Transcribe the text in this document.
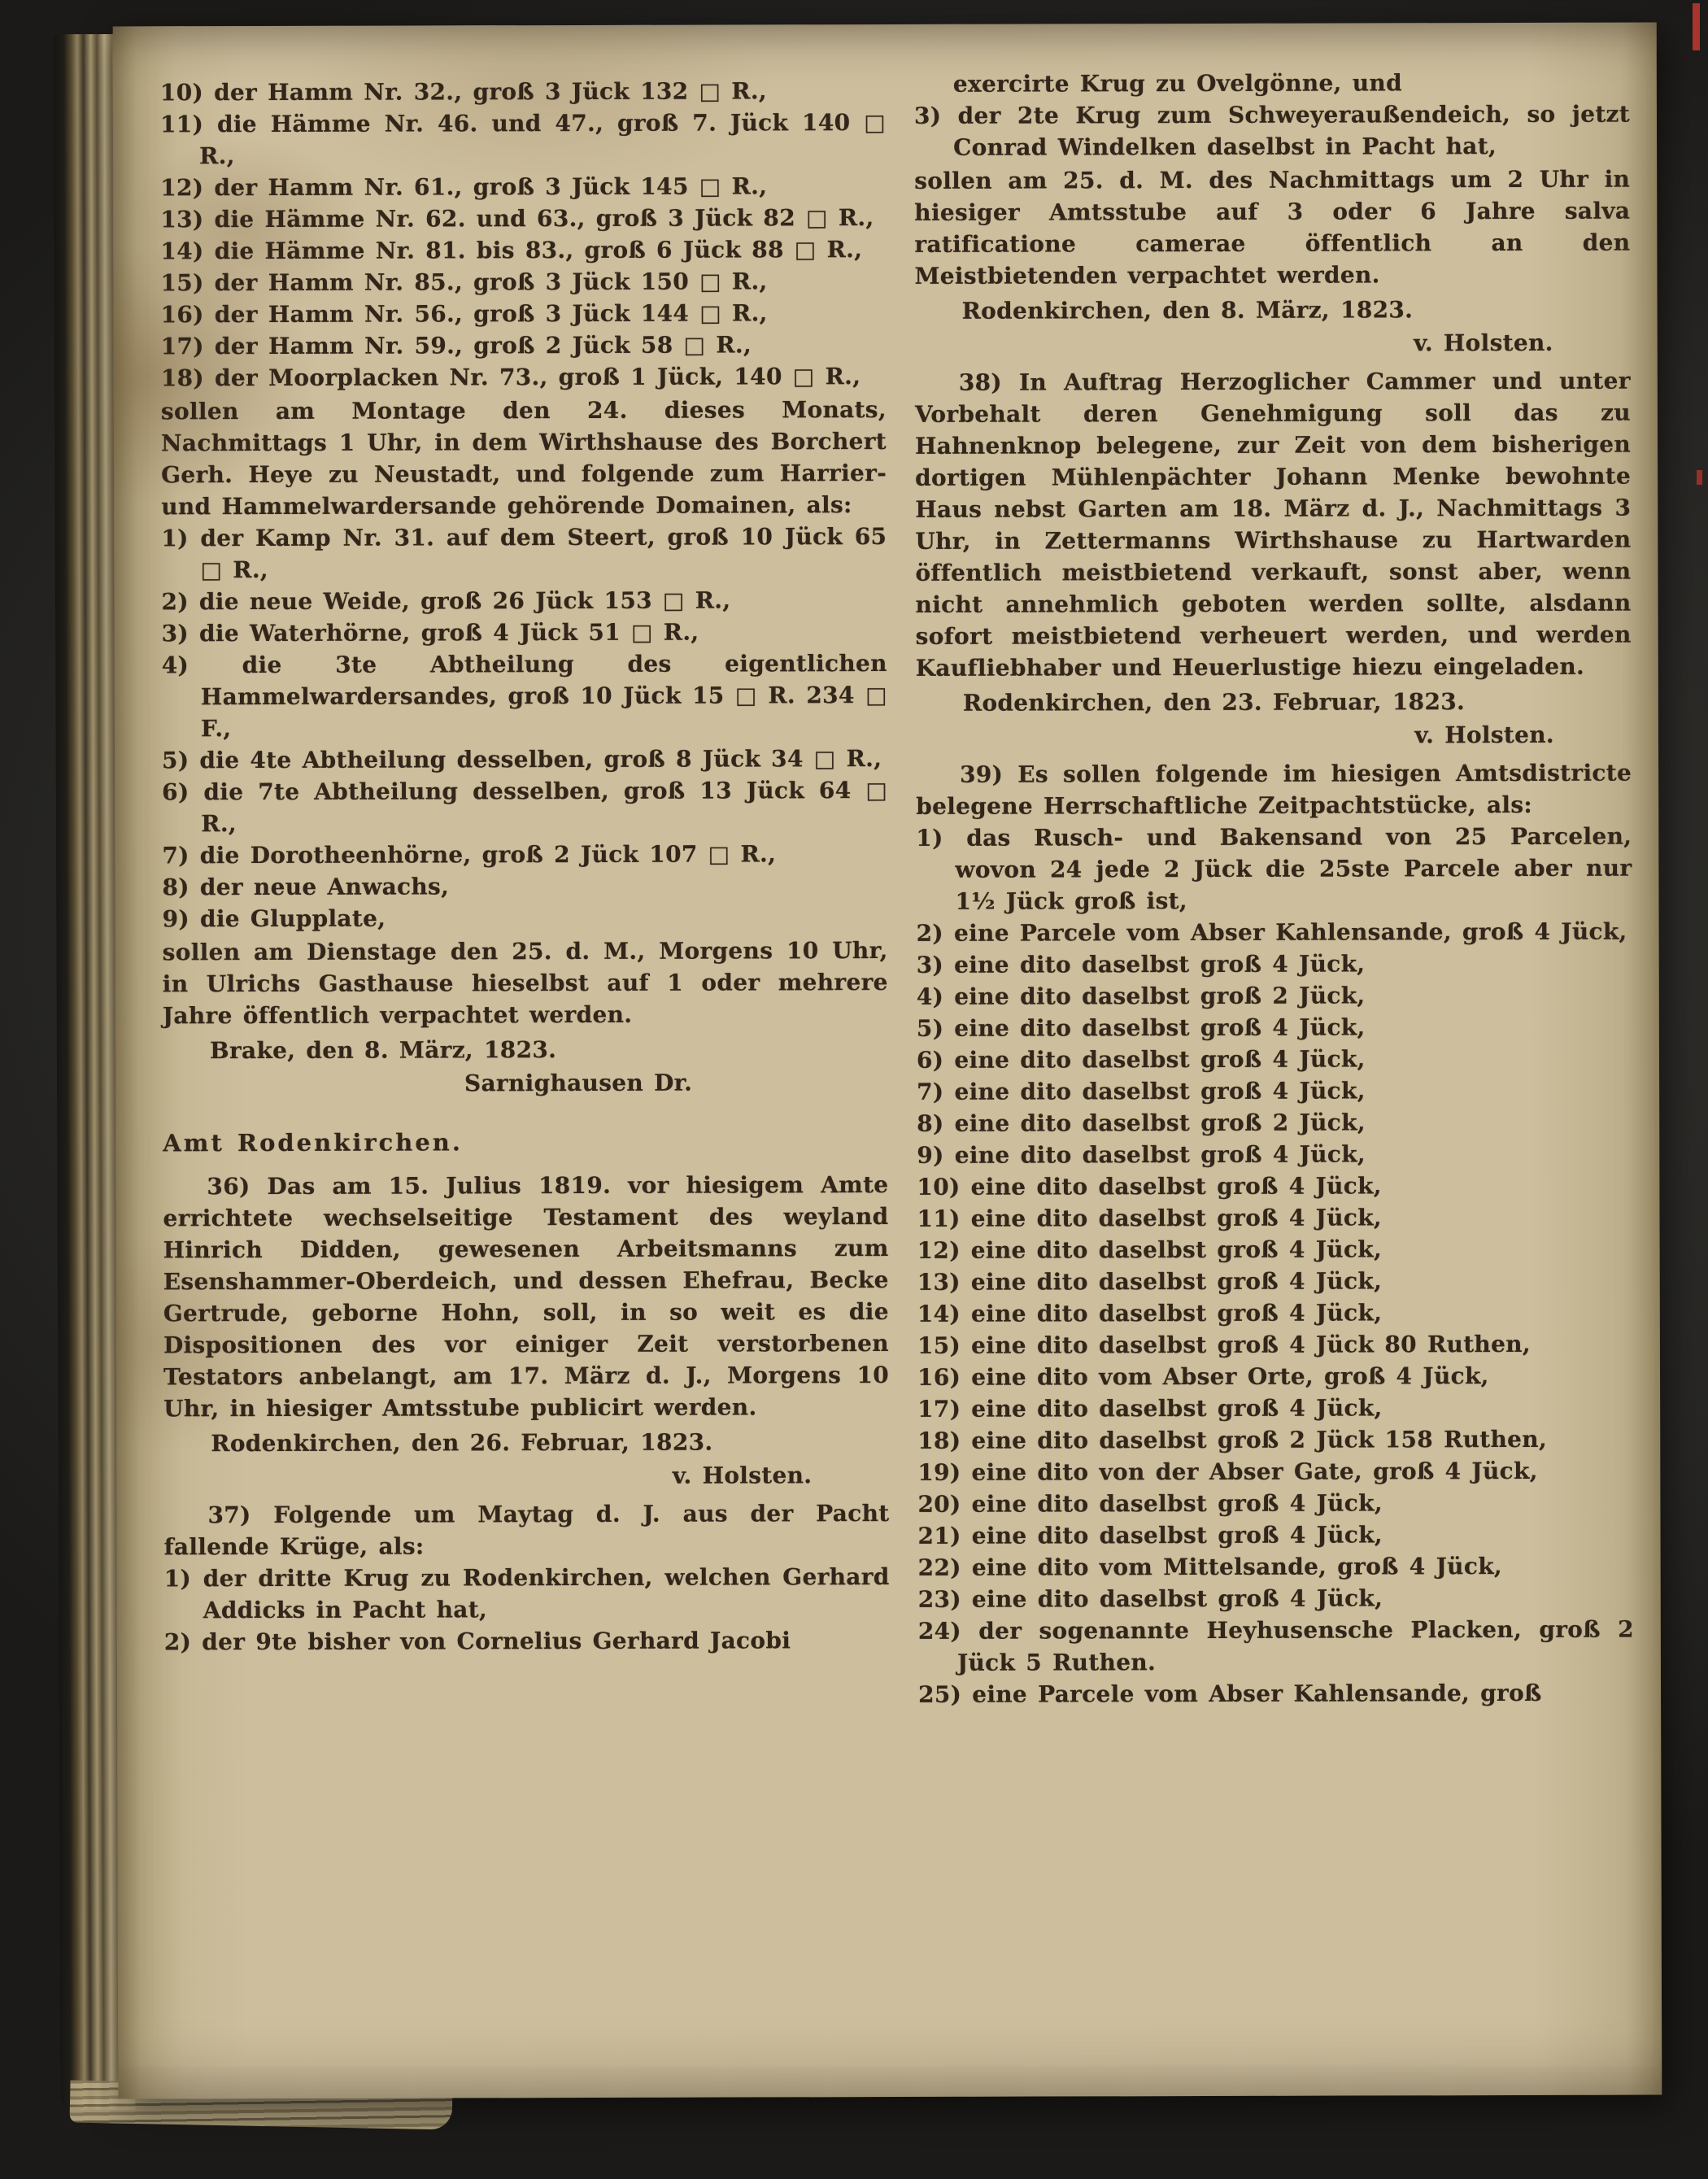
10) der Hamm Nr. 32., groß 3 Jück 132 □ R.,

11) die Hämme Nr. 46. und 47., groß 7. Jück 140 □ R.,

12) der Hamm Nr. 61., groß 3 Jück 145 □ R.,

13) die Hämme Nr. 62. und 63., groß 3 Jück 82 □ R.,

14) die Hämme Nr. 81. bis 83., groß 6 Jück 88 □ R.,

15) der Hamm Nr. 85., groß 3 Jück 150 □ R.,

16) der Hamm Nr. 56., groß 3 Jück 144 □ R.,

17) der Hamm Nr. 59., groß 2 Jück 58 □ R.,

18) der Moorplacken Nr. 73., groß 1 Jück, 140 □ R.,

sollen am Montage den 24. dieses Monats, Nachmittags 1 Uhr, in dem Wirthshause des Borchert Gerh. Heye zu Neustadt, und folgende zum Harrier- und Hammelwardersande gehörende Domainen, als:

1) der Kamp Nr. 31. auf dem Steert, groß 10 Jück 65 □ R.,

2) die neue Weide, groß 26 Jück 153 □ R.,

3) die Waterhörne, groß 4 Jück 51 □ R.,

4) die 3te Abtheilung des eigentlichen Hammelwardersandes, groß 10 Jück 15 □ R. 234 □ F.,

5) die 4te Abtheilung desselben, groß 8 Jück 34 □ R.,

6) die 7te Abtheilung desselben, groß 13 Jück 64 □ R.,

7) die Dorotheenhörne, groß 2 Jück 107 □ R.,

8) der neue Anwachs,

9) die Glupplate,

sollen am Dienstage den 25. d. M., Morgens 10 Uhr, in Ulrichs Gasthause hieselbst auf 1 oder mehrere Jahre öffentlich verpachtet werden.

Brake, den 8. März, 1823.

Sarnighausen Dr.

Amt Rodenkirchen.

36) Das am 15. Julius 1819. vor hiesigem Amte errichtete wechselseitige Testament des weyland Hinrich Didden, gewesenen Arbeitsmanns zum Esenshammer-Oberdeich, und dessen Ehefrau, Becke Gertrude, geborne Hohn, soll, in so weit es die Dispositionen des vor einiger Zeit verstorbenen Testators anbelangt, am 17. März d. J., Morgens 10 Uhr, in hiesiger Amtsstube publicirt werden.

Rodenkirchen, den 26. Februar, 1823.

v. Holsten.

37) Folgende um Maytag d. J. aus der Pacht fallende Krüge, als:

1) der dritte Krug zu Rodenkirchen, welchen Gerhard Addicks in Pacht hat,

2) der 9te bisher von Cornelius Gerhard Jacobi

exercirte Krug zu Ovelgönne, und

3) der 2te Krug zum Schweyeraußendeich, so jetzt Conrad Windelken daselbst in Pacht hat,

sollen am 25. d. M. des Nachmittags um 2 Uhr in hiesiger Amtsstube auf 3 oder 6 Jahre salva ratificatione camerae öffentlich an den Meistbietenden verpachtet werden.

Rodenkirchen, den 8. März, 1823.

v. Holsten.

38) In Auftrag Herzoglicher Cammer und unter Vorbehalt deren Genehmigung soll das zu Hahnenknop belegene, zur Zeit von dem bisherigen dortigen Mühlenpächter Johann Menke bewohnte Haus nebst Garten am 18. März d. J., Nachmittags 3 Uhr, in Zettermanns Wirthshause zu Hartwarden öffentlich meistbietend verkauft, sonst aber, wenn nicht annehmlich geboten werden sollte, alsdann sofort meistbietend verheuert werden, und werden Kaufliebhaber und Heuerlustige hiezu eingeladen.

Rodenkirchen, den 23. Februar, 1823.

v. Holsten.

39) Es sollen folgende im hiesigen Amtsdistricte belegene Herrschaftliche Zeitpachtstücke, als:

1) das Rusch- und Bakensand von 25 Parcelen, wovon 24 jede 2 Jück die 25ste Parcele aber nur 1½ Jück groß ist,

2) eine Parcele vom Abser Kahlensande, groß 4 Jück,

3) eine dito daselbst groß 4 Jück,

4) eine dito daselbst groß 2 Jück,

5) eine dito daselbst groß 4 Jück,

6) eine dito daselbst groß 4 Jück,

7) eine dito daselbst groß 4 Jück,

8) eine dito daselbst groß 2 Jück,

9) eine dito daselbst groß 4 Jück,

10) eine dito daselbst groß 4 Jück,

11) eine dito daselbst groß 4 Jück,

12) eine dito daselbst groß 4 Jück,

13) eine dito daselbst groß 4 Jück,

14) eine dito daselbst groß 4 Jück,

15) eine dito daselbst groß 4 Jück 80 Ruthen,

16) eine dito vom Abser Orte, groß 4 Jück,

17) eine dito daselbst groß 4 Jück,

18) eine dito daselbst groß 2 Jück 158 Ruthen,

19) eine dito von der Abser Gate, groß 4 Jück,

20) eine dito daselbst groß 4 Jück,

21) eine dito daselbst groß 4 Jück,

22) eine dito vom Mittelsande, groß 4 Jück,

23) eine dito daselbst groß 4 Jück,

24) der sogenannte Heyhusensche Placken, groß 2 Jück 5 Ruthen.

25) eine Parcele vom Abser Kahlensande, groß
